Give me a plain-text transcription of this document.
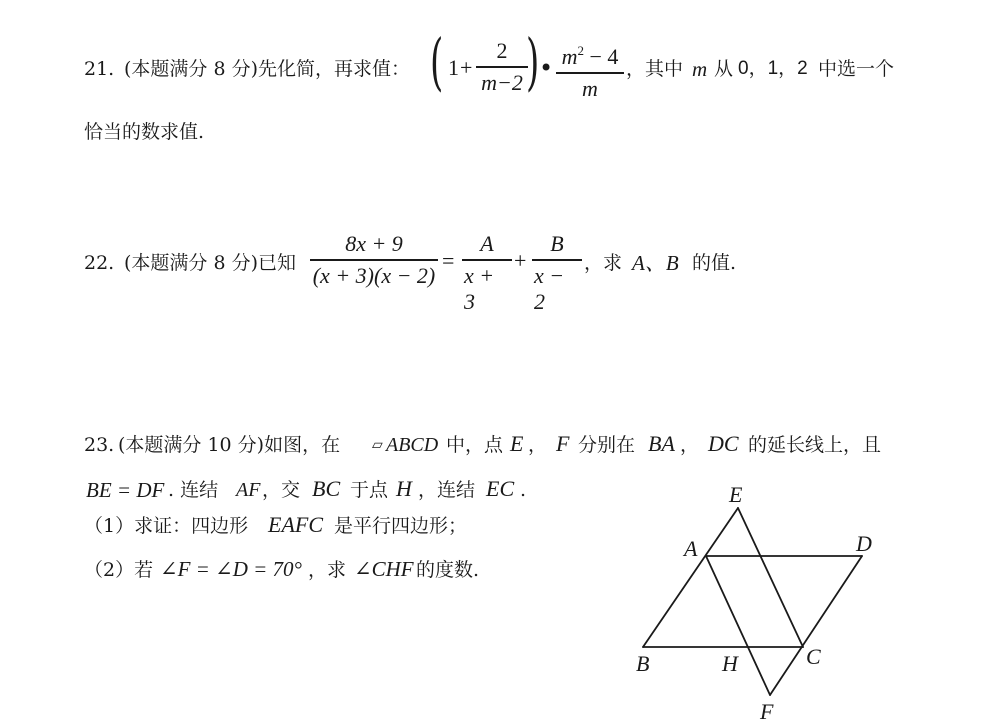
21. (本题满分 8 分)先化简，再求值： ( 1 +
2
m−2 ) • $m^2 - 4$
m
，其中 m 从 0，1，2 中选一个
恰当的数求值.
22. (本题满分 8 分)已知
8x + 9
(x + 3)(x − 2)
=
A
x + 3
+
B
x − 2
，求 A、B 的值.
23. (本题满分 10 分)如图，在 ▱ ABCD 中，点 E ， F 分别在 BA ， DC 的延长线上，且
BE = DF . 连结 AF ，交 BC 于点 H ，连结 EC .
（1）求证：四边形 EAFC 是平行四边形；
（2）若 ∠F = ∠D = 70° ，求 ∠CHF 的度数.
E
A	D
B	H	C
F
